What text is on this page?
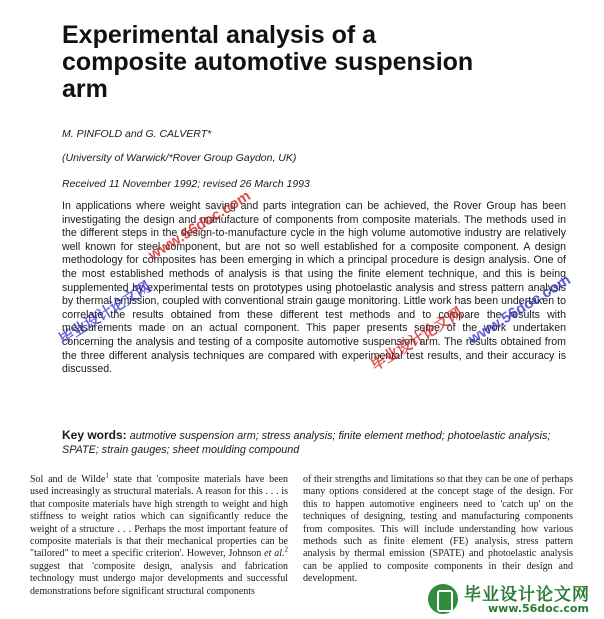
Experimental analysis of a composite automotive suspension arm
M. PINFOLD and G. CALVERT*
(University of Warwick/*Rover Group Gaydon, UK)
Received 11 November 1992; revised 26 March 1993

In applications where weight saving and parts integration can be achieved, the Rover Group has been investigating the design and manufacture of components from composite materials. The methods used in the different steps in the design-to-manufacture cycle in the high volume automotive industry are relatively well known for steel component, but are not so well established for a composite component. A design methodology for composites has been emerging in which a principal procedure is design analysis. One of the most established methods of analysis is that using the finite element technique, and this is being supplemented by experimental tests on prototypes using photoelastic analysis and stress pattern analysis by thermal emission, coupled with conventional strain gauge monitoring. Little work has been undertaken to correlate the results obtained from these different test methods and to compare the results with measurements made on an actual component. This paper presents some of the work undertaken concerning the analysis and testing of a composite automotive suspension arm. The results obtained from the three different analysis techniques are compared with experimental test results, and their accuracy is discussed.

Key words: autmotive suspension arm; stress analysis; finite element method; photoelastic analysis; SPATE; strain gauges; sheet moulding compound

Sol and de Wilde$^1$ state that 'composite materials have been used increasingly as structural materials. A reason for this . . . is that composite materials have high strength to weight and high stiffness to weight ratios which can significantly reduce the weight of a structure . . . Perhaps the most important feature of composite materials is that their mechanical properties can be "tailored" to meet a specific criterion'. However, Johnson et al.$^2$ suggest that 'composite design, analysis and fabrication technology must undergo major developments and successful demonstrations before significant structural components

of their strengths and limitations so that they can be one of perhaps many options considered at the concept stage of the design. For this to happen automotive engineers need to 'catch up' on the techniques of designing, testing and manufacturing components from composites. This will include understanding how various methods such as finite element (FE) analysis, stress pattern analysis by thermal emission (SPATE) and photoelastic analysis can be applied to composite components in their design and development.

www.56doc.com
毕业设计论文网 www.56doc.com
毕业设计论文网
毕业设计论文网
www.56doc.com
